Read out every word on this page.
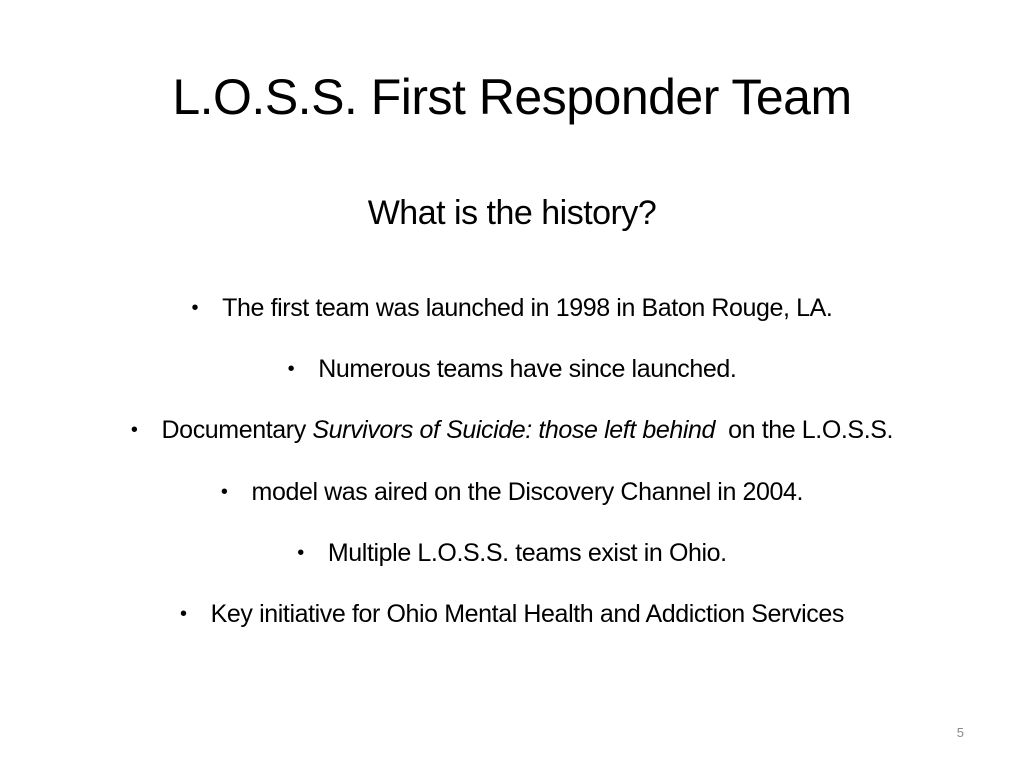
L.O.S.S. First Responder Team
What is the history?
• The first team was launched in 1998 in Baton Rouge, LA.
• Numerous teams have since launched.
• Documentary Survivors of Suicide: those left behind  on the L.O.S.S.
• model was aired on the Discovery Channel in 2004.
• Multiple L.O.S.S. teams exist in Ohio.
• Key initiative for Ohio Mental Health and Addiction Services
5
